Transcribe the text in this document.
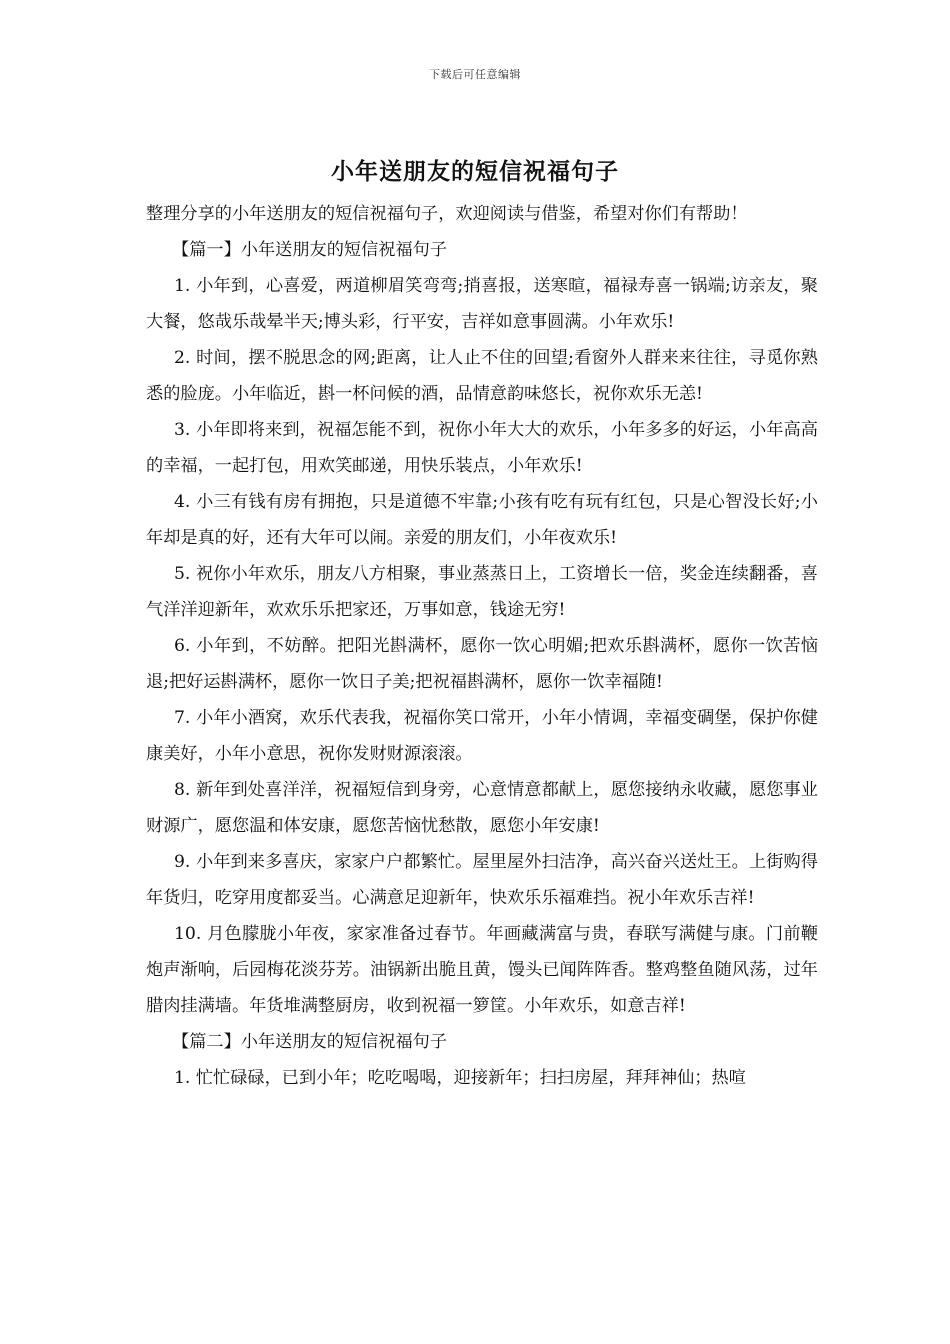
下载后可任意编辑
小年送朋友的短信祝福句子

整理分享的小年送朋友的短信祝福句子，欢迎阅读与借鉴，希望对你们有帮助！

【篇一】小年送朋友的短信祝福句子

1. 小年到，心喜爱，两道柳眉笑弯弯;捎喜报，送寒暄，福禄寿喜一锅端;访亲友，聚大餐，悠哉乐哉晕半天;博头彩，行平安，吉祥如意事圆满。小年欢乐!

2. 时间，摆不脱思念的网;距离，让人止不住的回望;看窗外人群来来往往，寻觅你熟悉的脸庞。小年临近，斟一杯问候的酒，品情意韵味悠长，祝你欢乐无恙!

3. 小年即将来到，祝福怎能不到，祝你小年大大的欢乐，小年多多的好运，小年高高的幸福，一起打包，用欢笑邮递，用快乐装点，小年欢乐!

4. 小三有钱有房有拥抱，只是道德不牢靠;小孩有吃有玩有红包，只是心智没长好;小年却是真的好，还有大年可以闹。亲爱的朋友们，小年夜欢乐!

5. 祝你小年欢乐，朋友八方相聚，事业蒸蒸日上，工资增长一倍，奖金连续翻番，喜气洋洋迎新年，欢欢乐乐把家还，万事如意，钱途无穷!

6. 小年到，不妨醉。把阳光斟满杯，愿你一饮心明媚;把欢乐斟满杯，愿你一饮苦恼退;把好运斟满杯，愿你一饮日子美;把祝福斟满杯，愿你一饮幸福随!

7. 小年小酒窝，欢乐代表我，祝福你笑口常开，小年小情调，幸福变碉堡，保护你健康美好，小年小意思，祝你发财财源滚滚。

8. 新年到处喜洋洋，祝福短信到身旁，心意情意都献上，愿您接纳永收藏，愿您事业财源广，愿您温和体安康，愿您苦恼忧愁散，愿您小年安康!

9. 小年到来多喜庆，家家户户都繁忙。屋里屋外扫洁净，高兴奋兴送灶王。上街购得年货归，吃穿用度都妥当。心满意足迎新年，快欢乐乐福难挡。祝小年欢乐吉祥!

10. 月色朦胧小年夜，家家准备过春节。年画藏满富与贵，春联写满健与康。门前鞭炮声渐响，后园梅花淡芬芳。油锅新出脆且黄，馒头已闻阵阵香。整鸡整鱼随风荡，过年腊肉挂满墙。年货堆满整厨房，收到祝福一箩筐。小年欢乐，如意吉祥!

【篇二】小年送朋友的短信祝福句子

1. 忙忙碌碌，已到小年；吃吃喝喝，迎接新年；扫扫房屋，拜拜神仙；热喧
